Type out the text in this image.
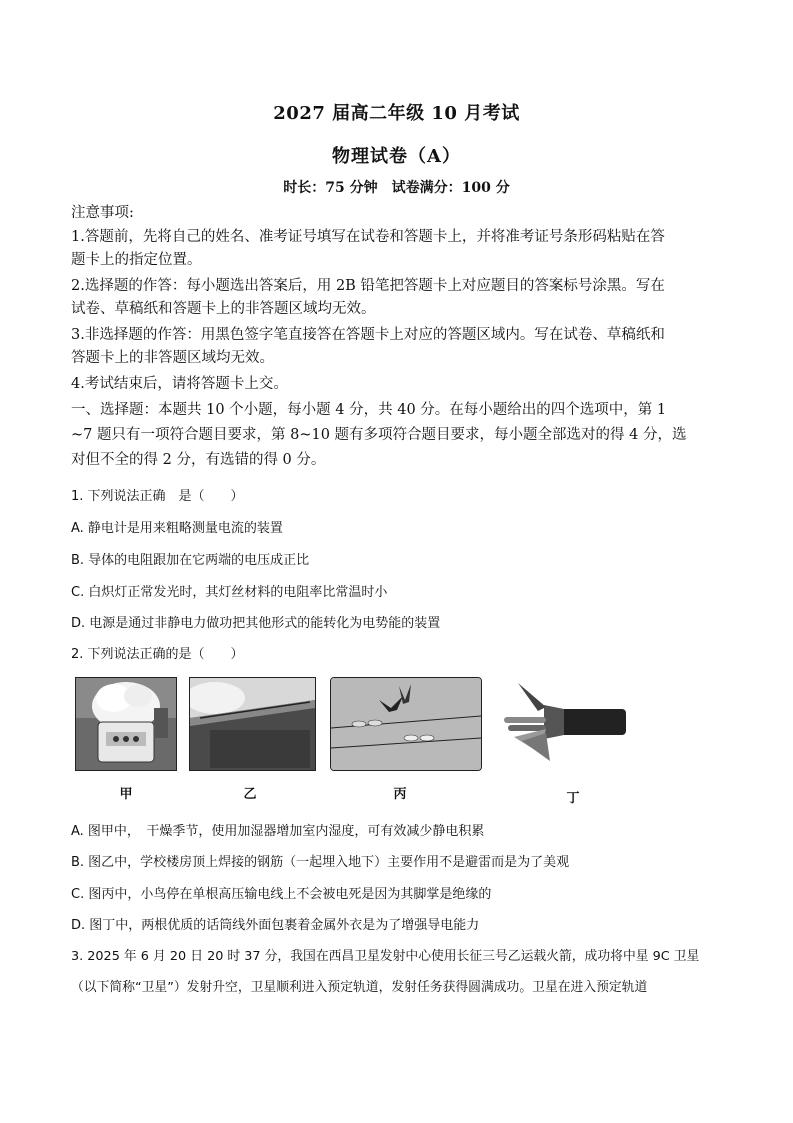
2027 届高二年级 10 月考试
物理试卷（A）
时长：75 分钟　试卷满分：100 分
注意事项:
1.答题前，先将自己的姓名、准考证号填写在试卷和答题卡上，并将准考证号条形码粘贴在答
题卡上的指定位置。
2.选择题的作答：每小题选出答案后，用 2B 铅笔把答题卡上对应题目的答案标号涂黑。写在
试卷、草稿纸和答题卡上的非答题区域均无效。
3.非选择题的作答：用黑色签字笔直接答在答题卡上对应的答题区域内。写在试卷、草稿纸和
答题卡上的非答题区域均无效。
4.考试结束后，请将答题卡上交。
一、选择题：本题共 10 个小题，每小题 4 分，共 40 分。在每小题给出的四个选项中，第 1
~7 题只有一项符合题目要求，第 8~10 题有多项符合题目要求，每小题全部选对的得 4 分，选
对但不全的得 2 分，有选错的得 0 分。
1. 下列说法正确　是（　　）
A. 静电计是用来粗略测量电流的装置
B. 导体的电阻跟加在它两端的电压成正比
C. 白炽灯正常发光时，其灯丝材料的电阻率比常温时小
D. 电源是通过非静电力做功把其他形式的能转化为电势能的装置
2. 下列说法正确的是（　　）
甲	乙	丙	丁
A. 图甲中，　干燥季节，使用加湿器增加室内湿度，可有效减少静电积累
B. 图乙中，学校楼房顶上焊接的钢筋（一起埋入地下）主要作用不是避雷而是为了美观
C. 图丙中，小鸟停在单根高压输电线上不会被电死是因为其脚掌是绝缘的
D. 图丁中，两根优质的话筒线外面包裹着金属外衣是为了增强导电能力
3. 2025 年 6 月 20 日 20 时 37 分，我国在西昌卫星发射中心使用长征三号乙运载火箭，成功将中星 9C 卫星
（以下简称“卫星”）发射升空，卫星顺利进入预定轨道，发射任务获得圆满成功。卫星在进入预定轨道
